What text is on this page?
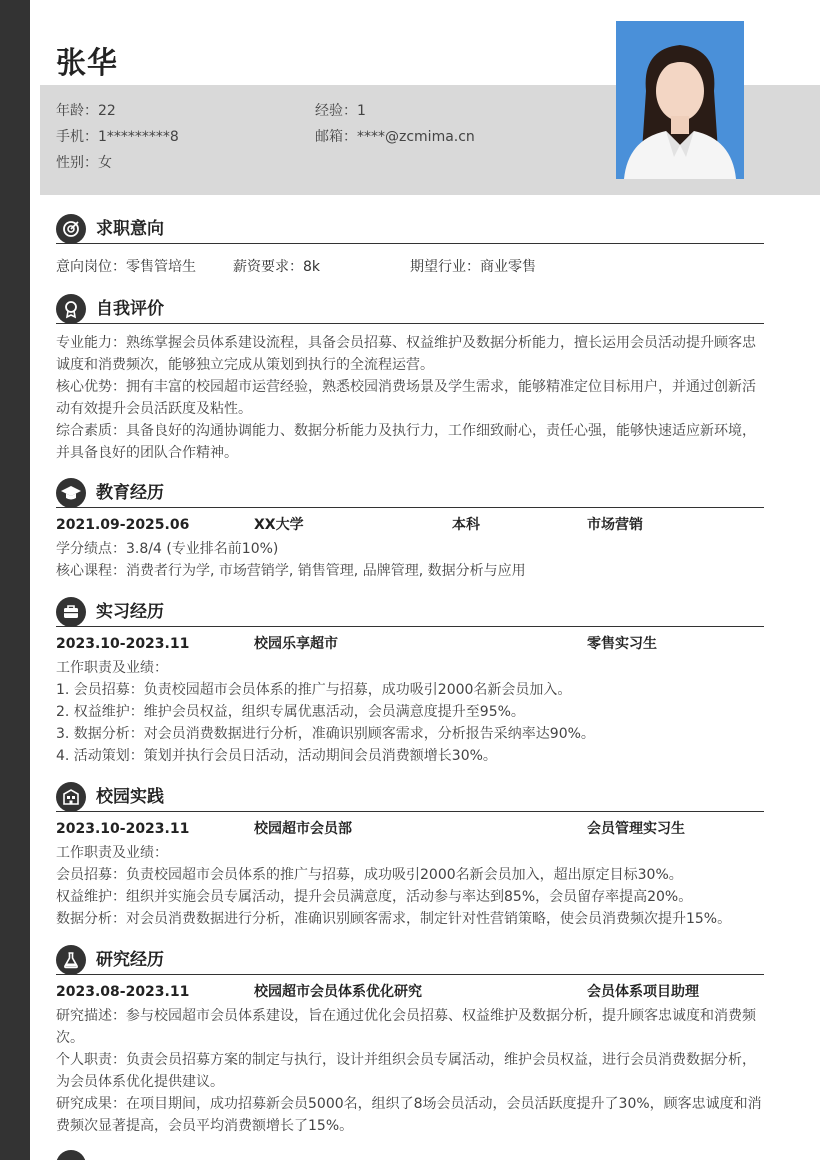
张华
年龄：22	经验：1
手机：1*********8	邮箱：****@zcmima.cn
性别：女
求职意向
意向岗位：零售管培生	薪资要求：8k	期望行业：商业零售
自我评价
专业能力：熟练掌握会员体系建设流程，具备会员招募、权益维护及数据分析能力，擅长运用会员活动提升顾客忠诚度和消费频次，能够独立完成从策划到执行的全流程运营。
核心优势：拥有丰富的校园超市运营经验，熟悉校园消费场景及学生需求，能够精准定位目标用户，并通过创新活动有效提升会员活跃度及粘性。
综合素质：具备良好的沟通协调能力、数据分析能力及执行力，工作细致耐心，责任心强，能够快速适应新环境，并具备良好的团队合作精神。
教育经历
2021.09-2025.06	XX大学	本科	市场营销
学分绩点：3.8/4 (专业排名前10%)
核心课程：消费者行为学, 市场营销学, 销售管理, 品牌管理, 数据分析与应用
实习经历
2023.10-2023.11	校园乐享超市	零售实习生
工作职责及业绩：
1. 会员招募：负责校园超市会员体系的推广与招募，成功吸引2000名新会员加入。
2. 权益维护：维护会员权益，组织专属优惠活动，会员满意度提升至95%。
3. 数据分析：对会员消费数据进行分析，准确识别顾客需求，分析报告采纳率达90%。
4. 活动策划：策划并执行会员日活动，活动期间会员消费额增长30%。
校园实践
2023.10-2023.11	校园超市会员部	会员管理实习生
工作职责及业绩：
会员招募：负责校园超市会员体系的推广与招募，成功吸引2000名新会员加入，超出原定目标30%。
权益维护：组织并实施会员专属活动，提升会员满意度，活动参与率达到85%，会员留存率提高20%。
数据分析：对会员消费数据进行分析，准确识别顾客需求，制定针对性营销策略，使会员消费频次提升15%。
研究经历
2023.08-2023.11	校园超市会员体系优化研究	会员体系项目助理
研究描述：参与校园超市会员体系建设，旨在通过优化会员招募、权益维护及数据分析，提升顾客忠诚度和消费频次。
个人职责：负责会员招募方案的制定与执行，设计并组织会员专属活动，维护会员权益，进行会员消费数据分析，为会员体系优化提供建议。
研究成果：在项目期间，成功招募新会员5000名，组织了8场会员活动，会员活跃度提升了30%，顾客忠诚度和消费频次显著提高，会员平均消费额增长了15%。
